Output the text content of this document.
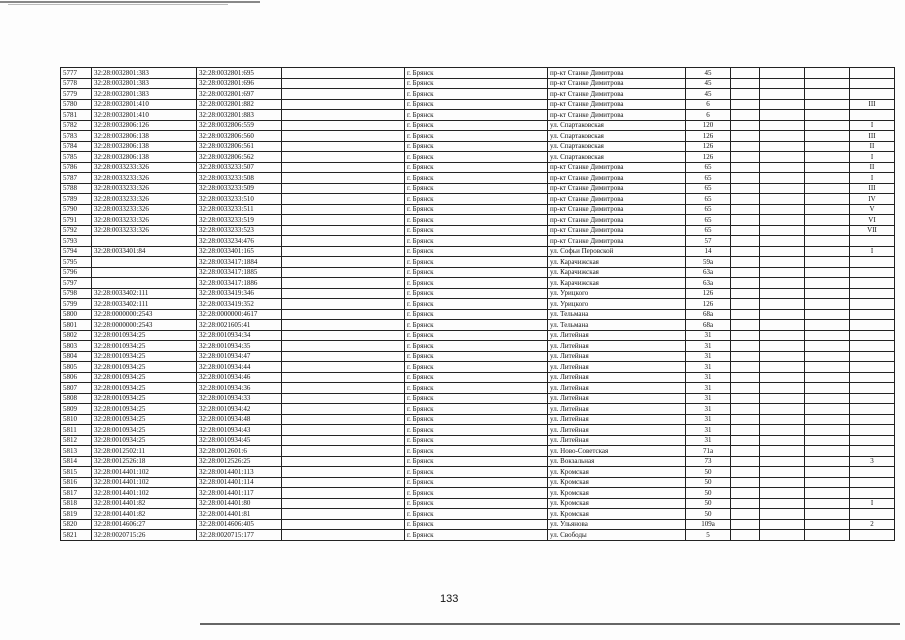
5777	32:28:0032801:383	32:28:0032801:695		г. Брянск	пр-кт Станке Димитрова	45				
5778	32:28:0032801:383	32:28:0032801:696		г. Брянск	пр-кт Станке Димитрова	45				
5779	32:28:0032801:383	32:28:0032801:697		г. Брянск	пр-кт Станке Димитрова	45				
5780	32:28:0032801:410	32:28:0032801:882		г. Брянск	пр-кт Станке Димитрова	6				III
5781	32:28:0032801:410	32:28:0032801:883		г. Брянск	пр-кт Станке Димитрова	6				
5782	32:28:0032806:126	32:28:0032806:559		г. Брянск	ул. Спартаковская	120				I
5783	32:28:0032806:138	32:28:0032806:560		г. Брянск	ул. Спартаковская	126				III
5784	32:28:0032806:138	32:28:0032806:561		г. Брянск	ул. Спартаковская	126				II
5785	32:28:0032806:138	32:28:0032806:562		г. Брянск	ул. Спартаковская	126				I
5786	32:28:0033233:326	32:28:0033233:507		г. Брянск	пр-кт Станке Димитрова	65				II
5787	32:28:0033233:326	32:28:0033233:508		г. Брянск	пр-кт Станке Димитрова	65				I
5788	32:28:0033233:326	32:28:0033233:509		г. Брянск	пр-кт Станке Димитрова	65				III
5789	32:28:0033233:326	32:28:0033233:510		г. Брянск	пр-кт Станке Димитрова	65				IV
5790	32:28:0033233:326	32:28:0033233:511		г. Брянск	пр-кт Станке Димитрова	65				V
5791	32:28:0033233:326	32:28:0033233:519		г. Брянск	пр-кт Станке Димитрова	65				VI
5792	32:28:0033233:326	32:28:0033233:523		г. Брянск	пр-кт Станке Димитрова	65				VII
5793		32:28:0033234:476		г. Брянск	пр-кт Станке Димитрова	57				
5794	32:28:0033401:84	32:28:0033401:165		г. Брянск	ул. Софьи Перовской	14				I
5795		32:28:0033417:1884		г. Брянск	ул. Карачижская	59а				
5796		32:28:0033417:1885		г. Брянск	ул. Карачижская	63а				
5797		32:28:0033417:1886		г. Брянск	ул. Карачижская	63а				
5798	32:28:0033402:111	32:28:0033419:346		г. Брянск	ул. Урицкого	126				
5799	32:28:0033402:111	32:28:0033419:352		г. Брянск	ул. Урицкого	126				
5800	32:28:0000000:2543	32:28:0000000:4617		г. Брянск	ул. Тельмана	68а				
5801	32:28:0000000:2543	32:28:0021605:41		г. Брянск	ул. Тельмана	68а				
5802	32:28:0010934:25	32:28:0010934:34		г. Брянск	ул. Литейная	31				
5803	32:28:0010934:25	32:28:0010934:35		г. Брянск	ул. Литейная	31				
5804	32:28:0010934:25	32:28:0010934:47		г. Брянск	ул. Литейная	31				
5805	32:28:0010934:25	32:28:0010934:44		г. Брянск	ул. Литейная	31				
5806	32:28:0010934:25	32:28:0010934:46		г. Брянск	ул. Литейная	31				
5807	32:28:0010934:25	32:28:0010934:36		г. Брянск	ул. Литейная	31				
5808	32:28:0010934:25	32:28:0010934:33		г. Брянск	ул. Литейная	31				
5809	32:28:0010934:25	32:28:0010934:42		г. Брянск	ул. Литейная	31				
5810	32:28:0010934:25	32:28:0010934:48		г. Брянск	ул. Литейная	31				
5811	32:28:0010934:25	32:28:0010934:43		г. Брянск	ул. Литейная	31				
5812	32:28:0010934:25	32:28:0010934:45		г. Брянск	ул. Литейная	31				
5813	32:28:0012502:11	32:28:0012601:6		г. Брянск	ул. Ново-Советская	71а				
5814	32:28:0012526:18	32:28:0012526:25		г. Брянск	ул. Вокзальная	73				3
5815	32:28:0014401:102	32:28:0014401:113		г. Брянск	ул. Кромская	50				
5816	32:28:0014401:102	32:28:0014401:114		г. Брянск	ул. Кромская	50				
5817	32:28:0014401:102	32:28:0014401:117		г. Брянск	ул. Кромская	50				
5818	32:28:0014401:82	32:28:0014401:80		г. Брянск	ул. Кромская	50				I
5819	32:28:0014401:82	32:28:0014401:81		г. Брянск	ул. Кромская	50				
5820	32:28:0014606:27	32:28:0014606:405		г. Брянск	ул. Ульянова	109а				2
5821	32:28:0020715:26	32:28:0020715:177		г. Брянск	ул. Свободы	5				
133
